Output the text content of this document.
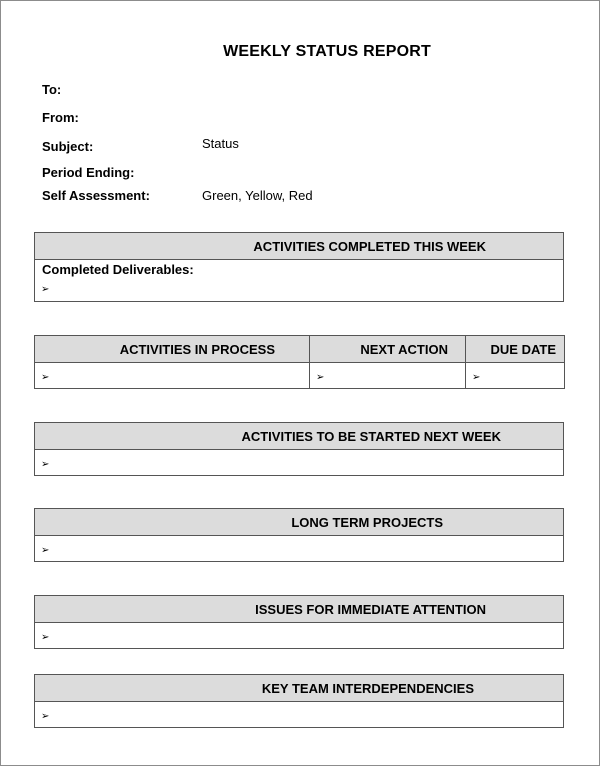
WEEKLY STATUS REPORT
To:
From:
Subject:	Status
Period Ending:
Self Assessment:	Green, Yellow, Red
ACTIVITIES COMPLETED THIS WEEK

Completed Deliverables:
➢
ACTIVITIES IN PROCESS	NEXT ACTION	DUE DATE
➢	➢	➢
ACTIVITIES TO BE STARTED NEXT WEEK
➢
LONG TERM PROJECTS
➢
ISSUES FOR IMMEDIATE ATTENTION
➢
KEY TEAM INTERDEPENDENCIES
➢
